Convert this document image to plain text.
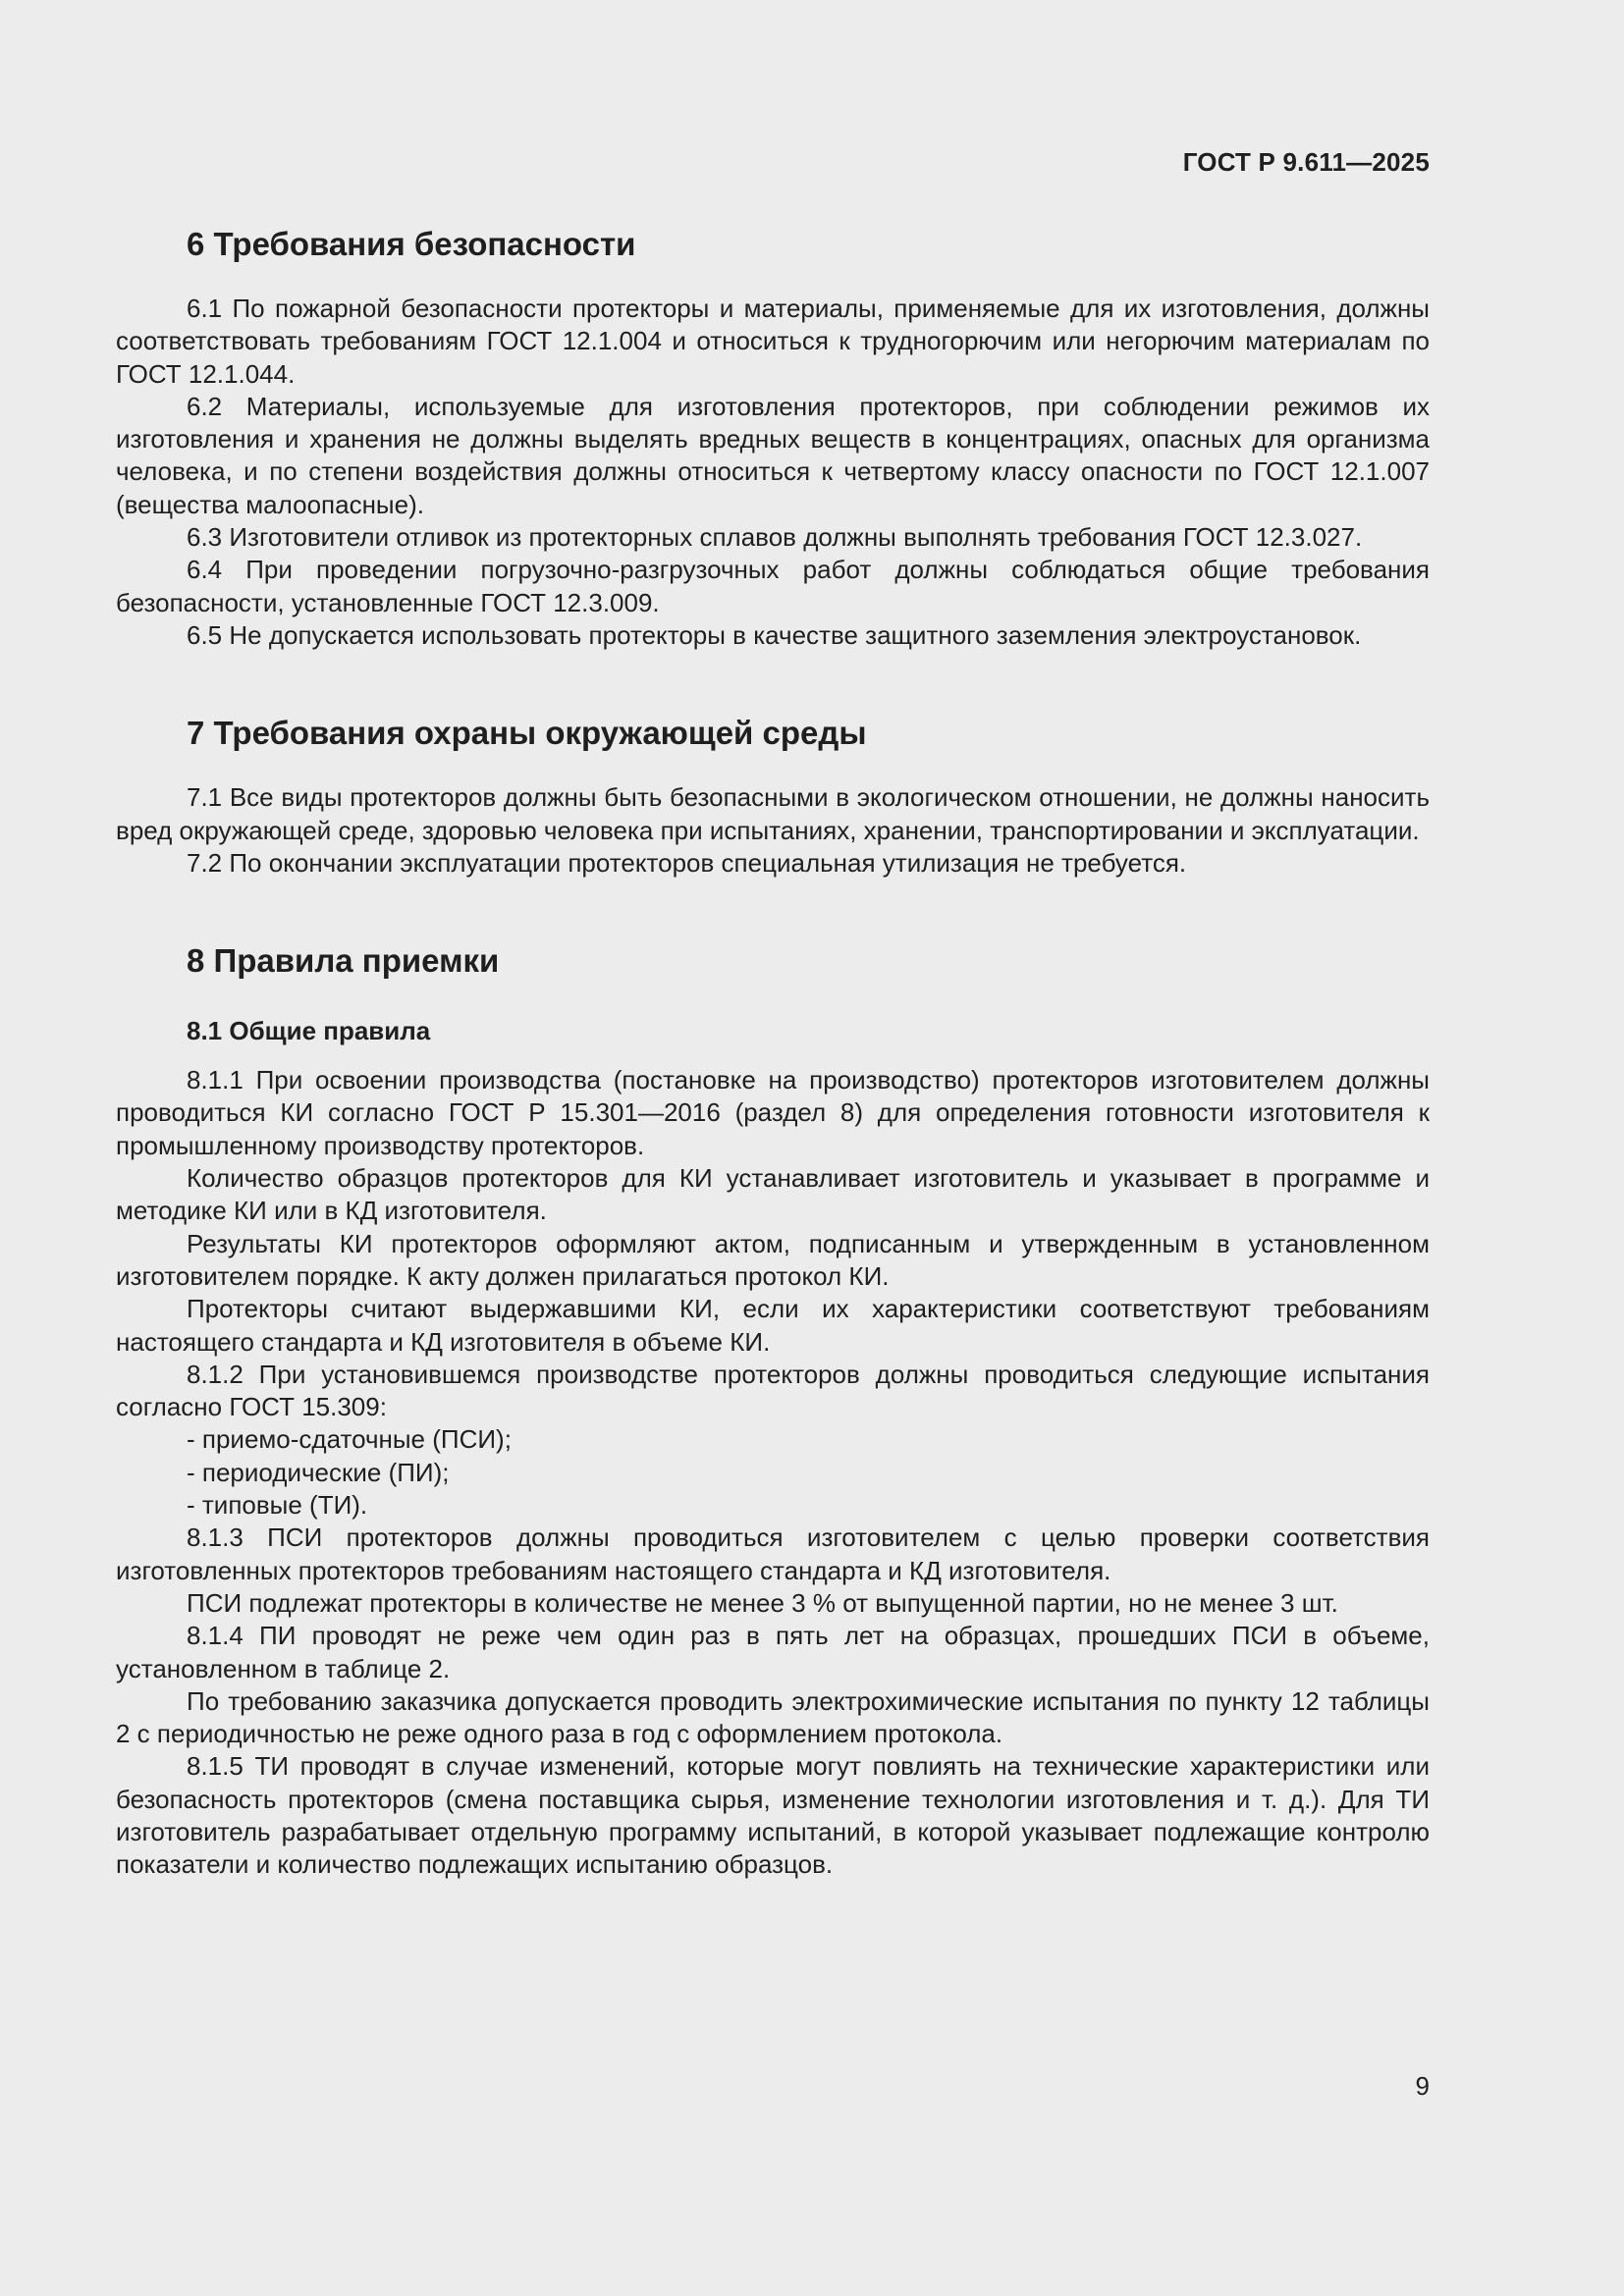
ГОСТ Р 9.611—2025
6 Требования безопасности

6.1 По пожарной безопасности протекторы и материалы, применяемые для их изготовления, должны соответствовать требованиям ГОСТ 12.1.004 и относиться к трудногорючим или негорючим материалам по ГОСТ 12.1.044.

6.2 Материалы, используемые для изготовления протекторов, при соблюдении режимов их изготовления и хранения не должны выделять вредных веществ в концентрациях, опасных для организма человека, и по степени воздействия должны относиться к четвертому классу опасности по ГОСТ 12.1.007 (вещества малоопасные).

6.3 Изготовители отливок из протекторных сплавов должны выполнять требования ГОСТ 12.3.027.

6.4 При проведении погрузочно-разгрузочных работ должны соблюдаться общие требования безопасности, установленные ГОСТ 12.3.009.

6.5 Не допускается использовать протекторы в качестве защитного заземления электроустановок.

7 Требования охраны окружающей среды

7.1 Все виды протекторов должны быть безопасными в экологическом отношении, не должны наносить вред окружающей среде, здоровью человека при испытаниях, хранении, транспортировании и эксплуатации.

7.2 По окончании эксплуатации протекторов специальная утилизация не требуется.

8 Правила приемки
8.1 Общие правила

8.1.1 При освоении производства (постановке на производство) протекторов изготовителем должны проводиться КИ согласно ГОСТ Р 15.301—2016 (раздел 8) для определения готовности изготовителя к промышленному производству протекторов.

Количество образцов протекторов для КИ устанавливает изготовитель и указывает в программе и методике КИ или в КД изготовителя.

Результаты КИ протекторов оформляют актом, подписанным и утвержденным в установленном изготовителем порядке. К акту должен прилагаться протокол КИ.

Протекторы считают выдержавшими КИ, если их характеристики соответствуют требованиям настоящего стандарта и КД изготовителя в объеме КИ.

8.1.2 При установившемся производстве протекторов должны проводиться следующие испытания согласно ГОСТ 15.309:

- приемо-сдаточные (ПСИ);

- периодические (ПИ);

- типовые (ТИ).

8.1.3 ПСИ протекторов должны проводиться изготовителем с целью проверки соответствия изготовленных протекторов требованиям настоящего стандарта и КД изготовителя.

ПСИ подлежат протекторы в количестве не менее 3 % от выпущенной партии, но не менее 3 шт.

8.1.4 ПИ проводят не реже чем один раз в пять лет на образцах, прошедших ПСИ в объеме, установленном в таблице 2.

По требованию заказчика допускается проводить электрохимические испытания по пункту 12 таблицы 2 с периодичностью не реже одного раза в год с оформлением протокола.

8.1.5 ТИ проводят в случае изменений, которые могут повлиять на технические характеристики или безопасность протекторов (смена поставщика сырья, изменение технологии изготовления и т. д.). Для ТИ изготовитель разрабатывает отдельную программу испытаний, в которой указывает подлежащие контролю показатели и количество подлежащих испытанию образцов.

9
